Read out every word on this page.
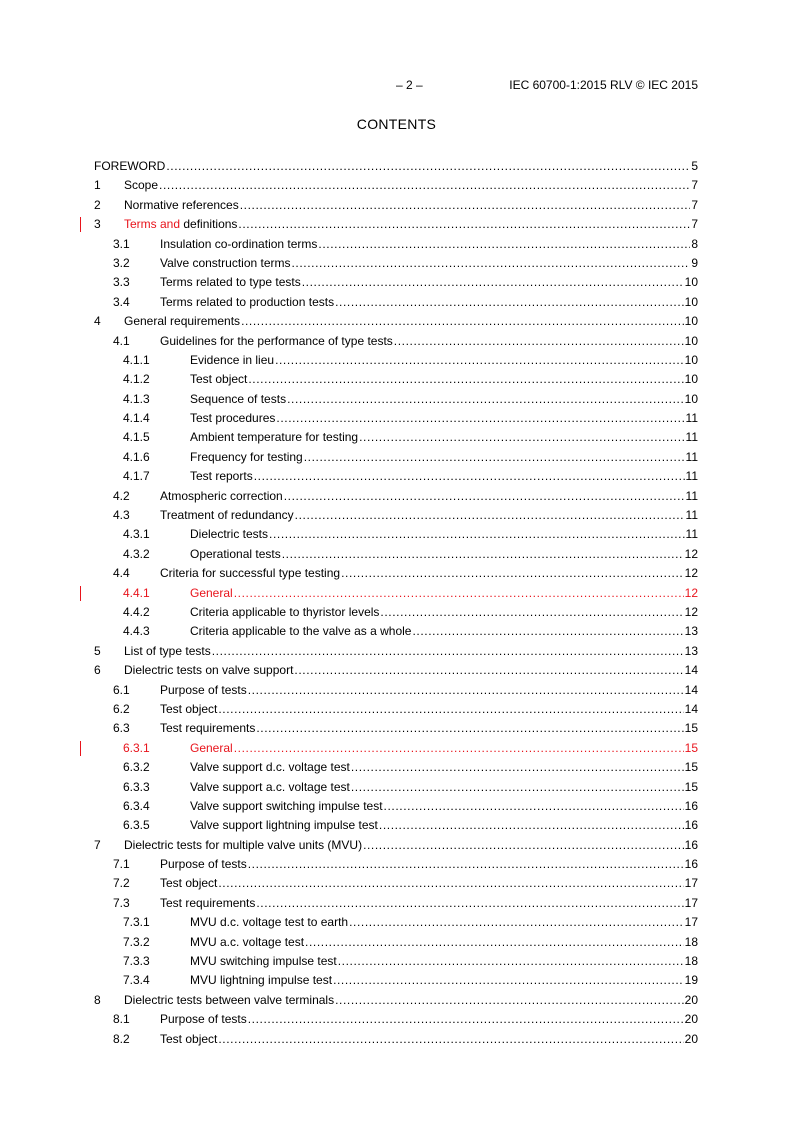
– 2 –	IEC 60700-1:2015 RLV © IEC 2015
CONTENTS
FOREWORD .....	5
1 Scope .....	7
2 Normative references .....	7
3 Terms and definitions .....	7
3.1	Insulation co-ordination terms .....	8
3.2	Valve construction terms .....	9
3.3	Terms related to type tests .....	10
3.4	Terms related to production tests .....	10
4 General requirements .....	10
4.1	Guidelines for the performance of type tests .....	10
4.1.1	Evidence in lieu .....	10
4.1.2	Test object .....	10
4.1.3	Sequence of tests .....	10
4.1.4	Test procedures .....	11
4.1.5	Ambient temperature for testing .....	11
4.1.6	Frequency for testing .....	11
4.1.7	Test reports .....	11
4.2	Atmospheric correction .....	11
4.3	Treatment of redundancy .....	11
4.3.1	Dielectric tests .....	11
4.3.2	Operational tests .....	12
4.4	Criteria for successful type testing .....	12
4.4.1	General .....	12
4.4.2	Criteria applicable to thyristor levels .....	12
4.4.3	Criteria applicable to the valve as a whole .....	13
5 List of type tests .....	13
6 Dielectric tests on valve support .....	14
6.1	Purpose of tests .....	14
6.2	Test object .....	14
6.3	Test requirements .....	15
6.3.1	General .....	15
6.3.2	Valve support d.c. voltage test .....	15
6.3.3	Valve support a.c. voltage test .....	15
6.3.4	Valve support switching impulse test .....	16
6.3.5	Valve support lightning impulse test .....	16
7 Dielectric tests for multiple valve units (MVU) .....	16
7.1	Purpose of tests .....	16
7.2	Test object .....	17
7.3	Test requirements .....	17
7.3.1	MVU d.c. voltage test to earth .....	17
7.3.2	MVU a.c. voltage test .....	18
7.3.3	MVU switching impulse test .....	18
7.3.4	MVU lightning impulse test .....	19
8 Dielectric tests between valve terminals .....	20
8.1	Purpose of tests .....	20
8.2	Test object .....	20
